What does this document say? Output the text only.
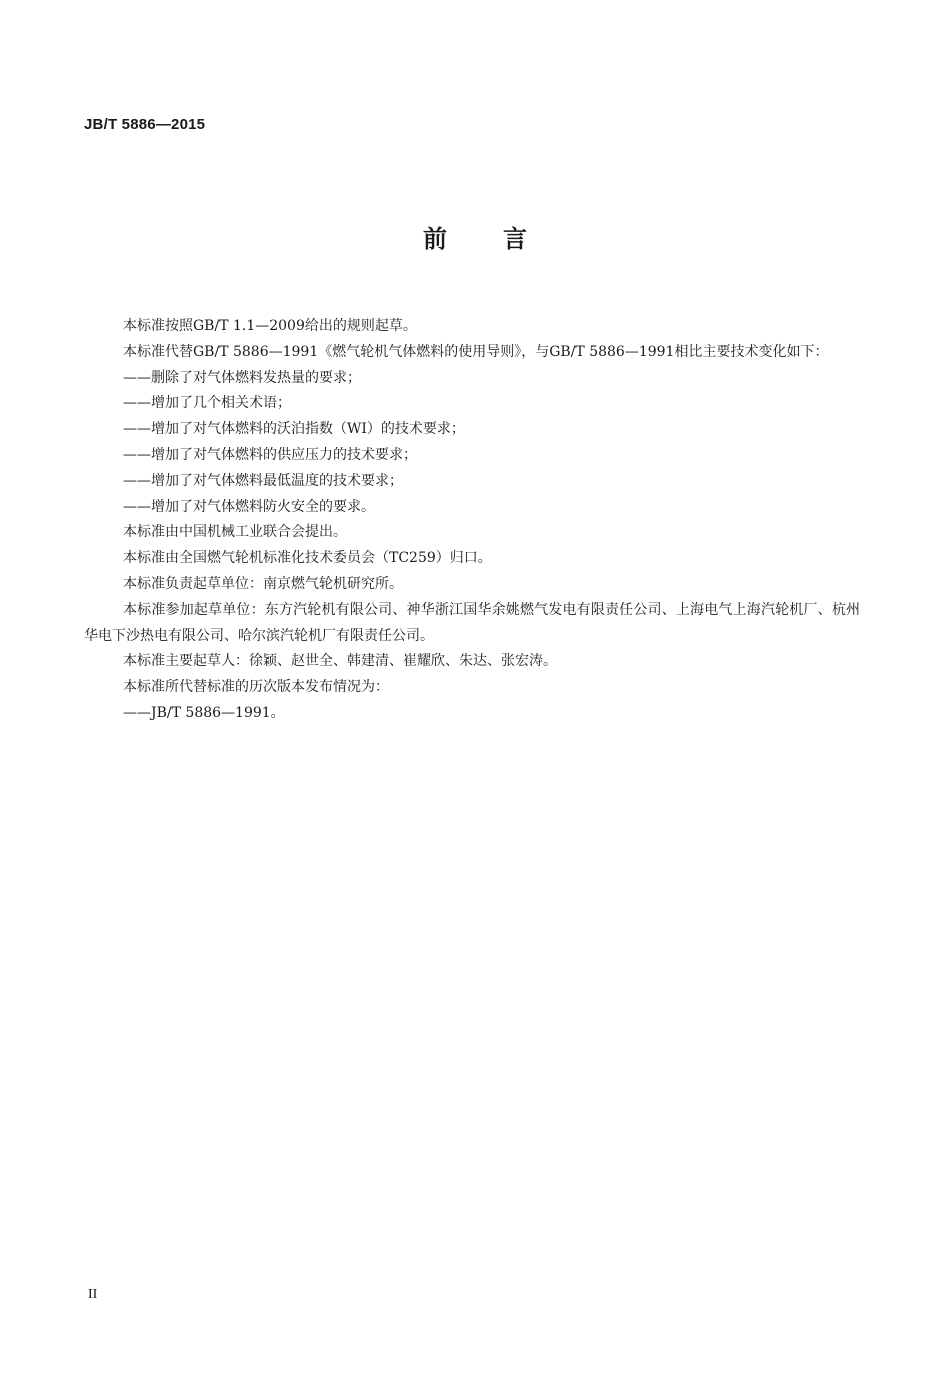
JB/T 5886—2015
前 言

本标准按照GB/T 1.1—2009给出的规则起草。

本标准代替GB/T 5886—1991《燃气轮机气体燃料的使用导则》，与GB/T 5886—1991相比主要技术变化如下：

——删除了对气体燃料发热量的要求；

——增加了几个相关术语；

——增加了对气体燃料的沃泊指数（WI）的技术要求；

——增加了对气体燃料的供应压力的技术要求；

——增加了对气体燃料最低温度的技术要求；

——增加了对气体燃料防火安全的要求。

本标准由中国机械工业联合会提出。

本标准由全国燃气轮机标准化技术委员会（TC259）归口。

本标准负责起草单位：南京燃气轮机研究所。

本标准参加起草单位：东方汽轮机有限公司、神华浙江国华余姚燃气发电有限责任公司、上海电气上海汽轮机厂、杭州华电下沙热电有限公司、哈尔滨汽轮机厂有限责任公司。

本标准主要起草人：徐颖、赵世全、韩建清、崔耀欣、朱达、张宏涛。

本标准所代替标准的历次版本发布情况为：

——JB/T 5886—1991。

II
